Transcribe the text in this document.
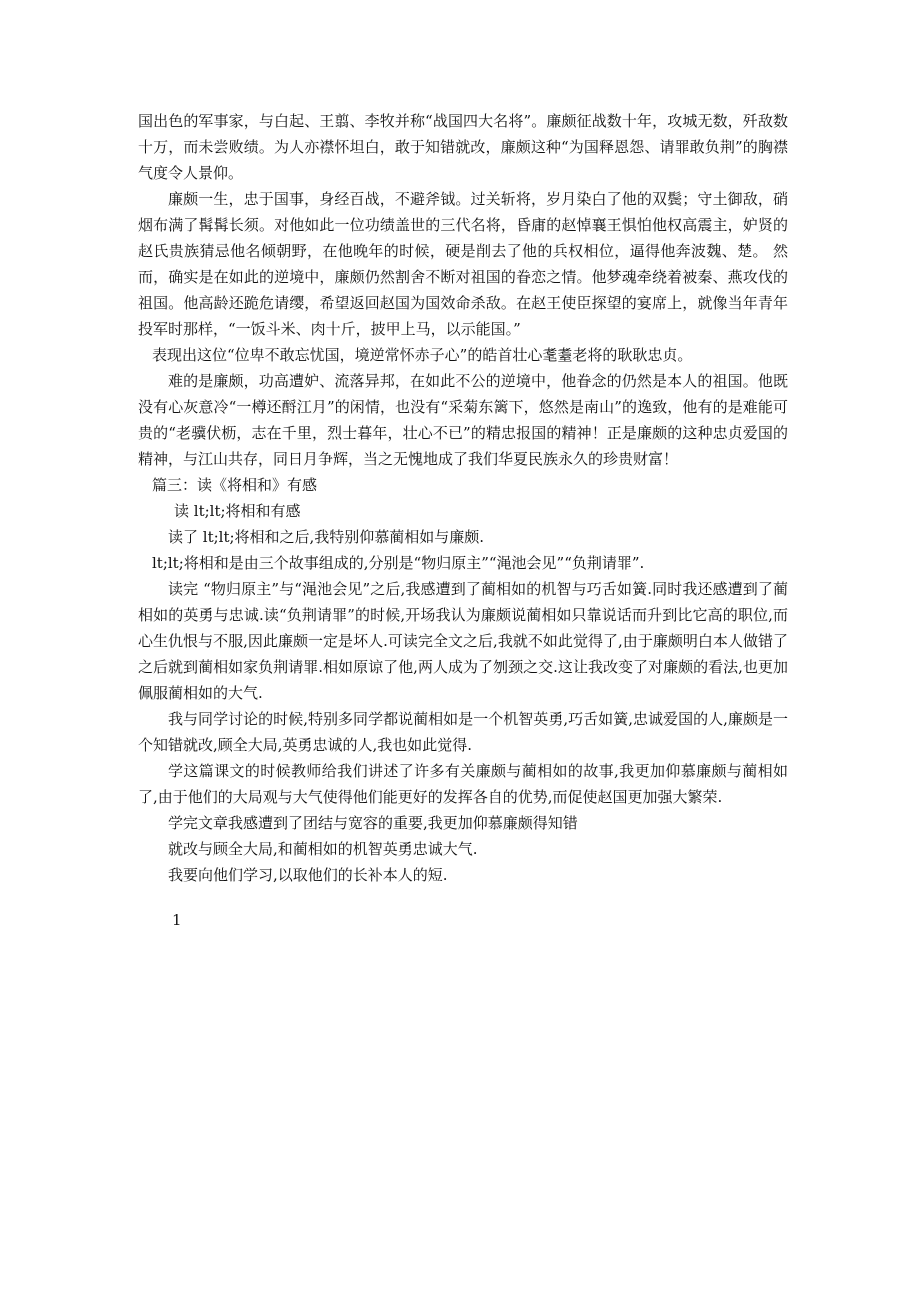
国出色的军事家，与白起、王翦、李牧并称“战国四大名将”。廉颇征战数十年，攻城无数，歼敌数十万，而未尝败绩。为人亦襟怀坦白，敢于知错就改，廉颇这种“为国释恩怨、请罪敢负荆”的胸襟气度令人景仰。

廉颇一生，忠于国事，身经百战，不避斧钺。过关斩将，岁月染白了他的双鬓；守土御敌，硝烟布满了髯髯长须。对他如此一位功绩盖世的三代名将，昏庸的赵悼襄王惧怕他权高震主，妒贤的赵氏贵族猜忌他名倾朝野，在他晚年的时候，硬是削去了他的兵权相位，逼得他奔波魏、楚。 然而，确实是在如此的逆境中，廉颇仍然割舍不断对祖国的眷恋之情。他梦魂牵绕着被秦、燕攻伐的祖国。他高龄还跪危请缨，希望返回赵国为国效命杀敌。在赵王使臣探望的宴席上，就像当年青年投军时那样，“一饭斗米、肉十斤，披甲上马，以示能国。”

表现出这位“位卑不敢忘忧国，境逆常怀赤子心”的皓首壮心耄耋老将的耿耿忠贞。

难的是廉颇，功高遭妒、流落异邦，在如此不公的逆境中，他眷念的仍然是本人的祖国。他既没有心灰意冷“一樽还酹江月”的闲情，也没有“采菊东篱下，悠然是南山”的逸致，他有的是难能可贵的“老骥伏枥，志在千里，烈士暮年，壮心不已”的精忠报国的精神！正是廉颇的这种忠贞爱国的精神，与江山共存，同日月争辉，当之无愧地成了我们华夏民族永久的珍贵财富！

篇三：读《将相和》有感

读 lt;lt;将相和有感

读了 lt;lt;将相和之后,我特别仰慕蔺相如与廉颇.

lt;lt;将相和是由三个故事组成的,分别是“物归原主”“渑池会见”“负荆请罪”.

读完 “物归原主”与“渑池会见”之后,我感遭到了蔺相如的机智与巧舌如簧.同时我还感遭到了蔺相如的英勇与忠诚.读“负荆请罪”的时候,开场我认为廉颇说蔺相如只靠说话而升到比它高的职位,而心生仇恨与不服,因此廉颇一定是坏人.可读完全文之后,我就不如此觉得了,由于廉颇明白本人做错了之后就到蔺相如家负荆请罪.相如原谅了他,两人成为了刎颈之交.这让我改变了对廉颇的看法,也更加佩服蔺相如的大气.

我与同学讨论的时候,特别多同学都说蔺相如是一个机智英勇,巧舌如簧,忠诚爱国的人,廉颇是一个知错就改,顾全大局,英勇忠诚的人,我也如此觉得.

学这篇课文的时候教师给我们讲述了许多有关廉颇与蔺相如的故事,我更加仰慕廉颇与蔺相如了,由于他们的大局观与大气使得他们能更好的发挥各自的优势,而促使赵国更加强大繁荣.

学完文章我感遭到了团结与宽容的重要,我更加仰慕廉颇得知错

就改与顾全大局,和蔺相如的机智英勇忠诚大气.

我要向他们学习,以取他们的长补本人的短.

1
